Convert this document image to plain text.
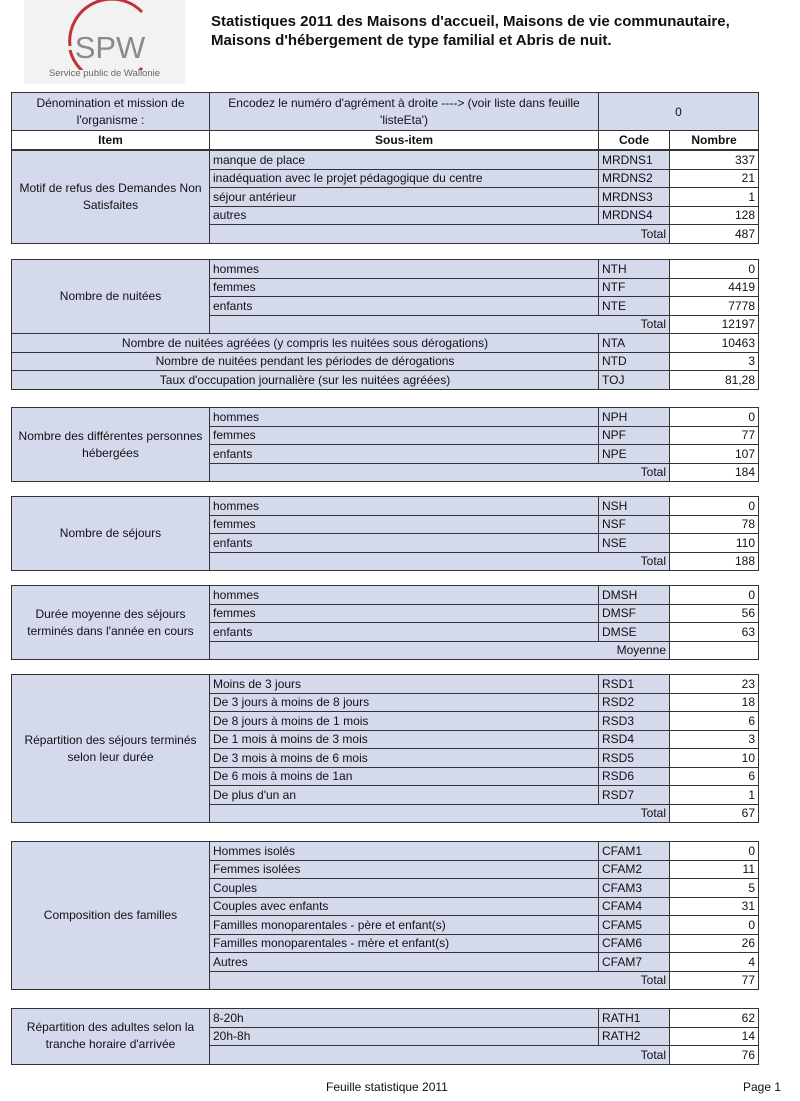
SPW
Service public de Wallonie
Statistiques 2011 des Maisons d'accueil, Maisons de vie communautaire, Maisons d'hébergement de type familial et Abris de nuit.
Dénomination et mission de l'organisme :	Encodez le numéro d'agrément à droite ----> (voir liste dans feuille 'listeEta')	0	
Item	Sous-item	Code	Nombre
Motif de refus des Demandes Non Satisfaites	manque de place	MRDNS1	337
	inadéquation avec le projet pédagogique du centre	MRDNS2	21
	séjour antérieur	MRDNS3	1
	autres	MRDNS4	128
	Total		487
Nombre de nuitées	hommes	NTH	0
	femmes	NTF	4419
	enfants	NTE	7778
	Total		12197
Nombre de nuitées agréées (y compris les nuitées sous dérogations)		NTA	10463
Nombre de nuitées pendant les périodes de dérogations		NTD	3
Taux d'occupation journalière (sur les nuitées agréées)		TOJ	81,28
Nombre des différentes personnes hébergées	hommes	NPH	0
	femmes	NPF	77
	enfants	NPE	107
	Total		184
Nombre de séjours	hommes	NSH	0
	femmes	NSF	78
	enfants	NSE	110
	Total		188
Durée moyenne des séjours terminés dans l'année en cours	hommes	DMSH	0
	femmes	DMSF	56
	enfants	DMSE	63
	Moyenne		
Répartition des séjours terminés selon leur durée	Moins de 3 jours	RSD1	23
	De 3 jours à moins de 8 jours	RSD2	18
	De 8 jours à moins de 1 mois	RSD3	6
	De 1 mois à moins de 3 mois	RSD4	3
	De 3 mois à moins de 6 mois	RSD5	10
	De 6 mois à moins de 1an	RSD6	6
	De plus d'un an	RSD7	1
	Total		67
Composition des familles	Hommes isolés	CFAM1	0
	Femmes isolées	CFAM2	11
	Couples	CFAM3	5
	Couples avec enfants	CFAM4	31
	Familles monoparentales - père et enfant(s)	CFAM5	0
	Familles monoparentales - mère et enfant(s)	CFAM6	26
	Autres	CFAM7	4
	Total		77
Répartition des adultes selon la tranche horaire d'arrivée	8-20h	RATH1	62
	20h-8h	RATH2	14
	Total		76
Feuille statistique 2011	Page 1
